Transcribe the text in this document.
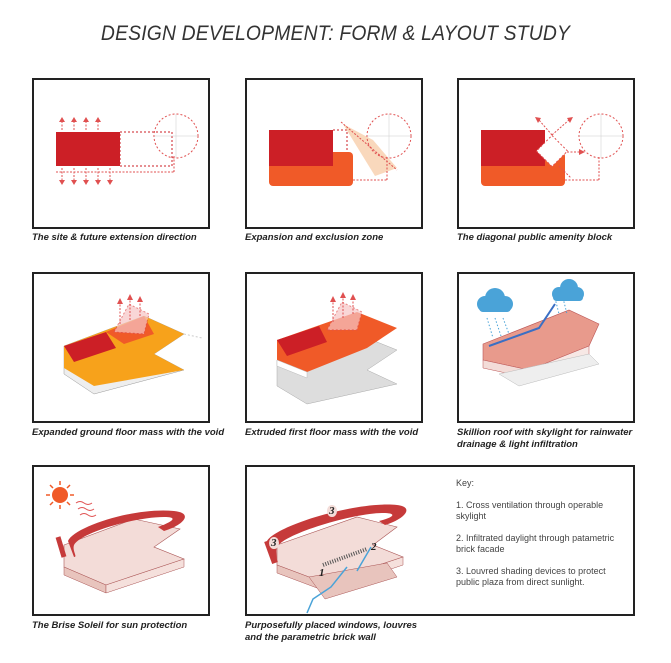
DESIGN DEVELOPMENT: FORM & LAYOUT STUDY
The site & future extension direction	Expansion and exclusion zone	The diagonal public amenity block
Expanded ground floor mass with the void	Extruded first floor mass with the void	Skillion roof with skylight for rainwater drainage & light infiltration
The Brise Soleil for sun protection
1
2
3
3
Purposefully placed windows, louvres and the parametric brick wall

Key:

1. Cross ventilation through operable skylight

2. Infiltrated daylight through patametric brick facade

3. Louvred shading devices to protect public plaza from direct sunlight.
